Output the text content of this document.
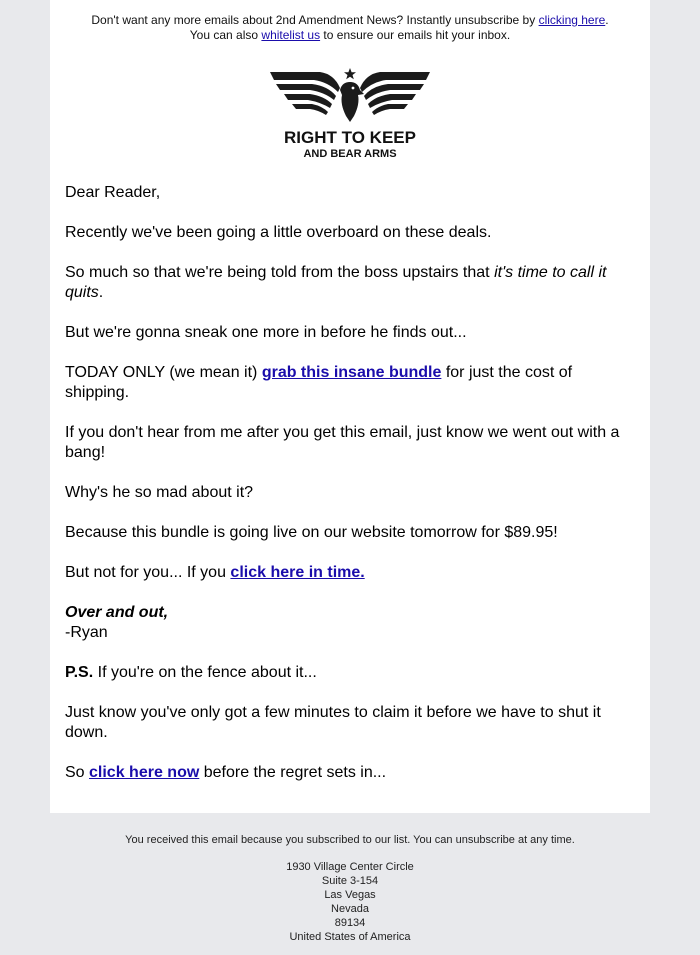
Don't want any more emails about 2nd Amendment News? Instantly unsubscribe by clicking here.
You can also whitelist us to ensure our emails hit your inbox.
RIGHT TO KEEP
AND BEAR ARMS

Dear Reader,

Recently we've been going a little overboard on these deals.

So much so that we're being told from the boss upstairs that it's time to call it quits.

But we're gonna sneak one more in before he finds out...

TODAY ONLY (we mean it) grab this insane bundle for just the cost of shipping.

If you don't hear from me after you get this email, just know we went out with a bang!

Why's he so mad about it?

Because this bundle is going live on our website tomorrow for $89.95!

But not for you... If you click here in time.

Over and out,
-Ryan

P.S. If you're on the fence about it...

Just know you've only got a few minutes to claim it before we have to shut it down.

So click here now before the regret sets in...

You received this email because you subscribed to our list. You can unsubscribe at any time.
1930 Village Center Circle
Suite 3-154
Las Vegas
Nevada
89134
United States of America
